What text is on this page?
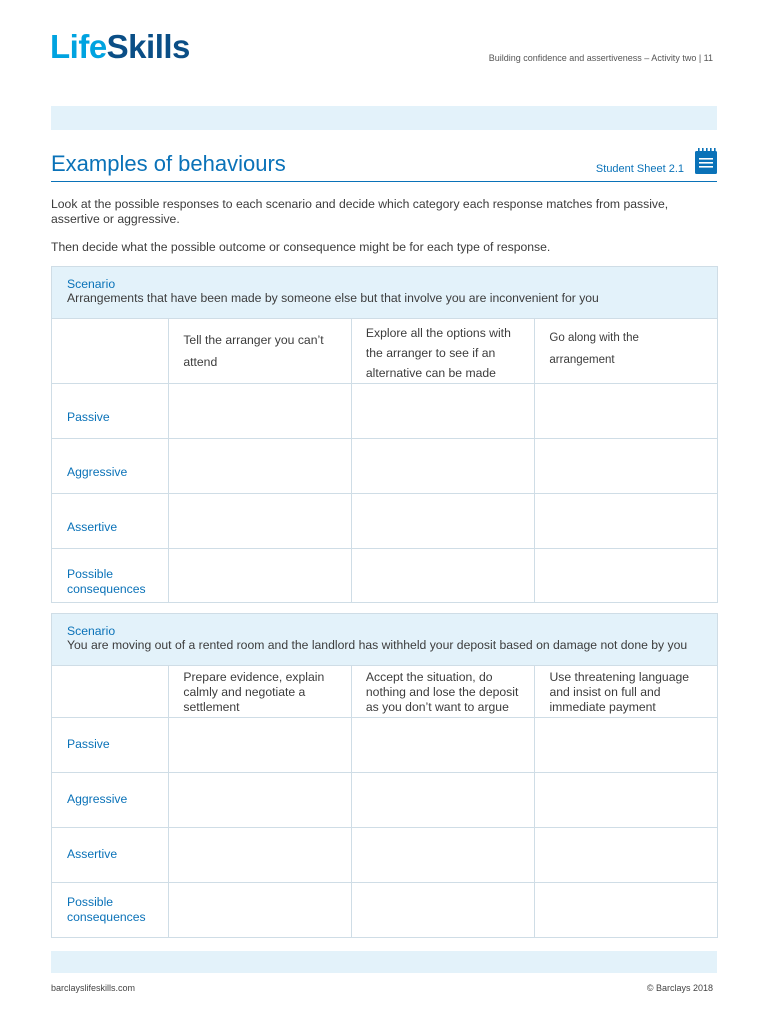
LifeSkills	Building confidence and assertiveness – Activity two | 11
Examples of behaviours	Student Sheet 2.1

Look at the possible responses to each scenario and decide which category each response matches from passive, assertive or aggressive.

Then decide what the possible outcome or consequence might be for each type of response.

Scenario
Arrangements that have been made by someone else but that involve you are inconvenient for you			

	Tell the arranger you can’t attend	Explore all the options with the arranger to see if an alternative can be made	Go along with the arrangement
Passive			
Aggressive			
Assertive			
Possible consequences			
Scenario
You are moving out of a rented room and the landlord has withheld your deposit based on damage not done by you			

	Prepare evidence, explain calmly and negotiate a settlement	Accept the situation, do nothing and lose the deposit as you don’t want to argue	Use threatening language and insist on full and immediate payment
Passive			
Aggressive			
Assertive			
Possible consequences			
barclayslifeskills.com	© Barclays 2018
